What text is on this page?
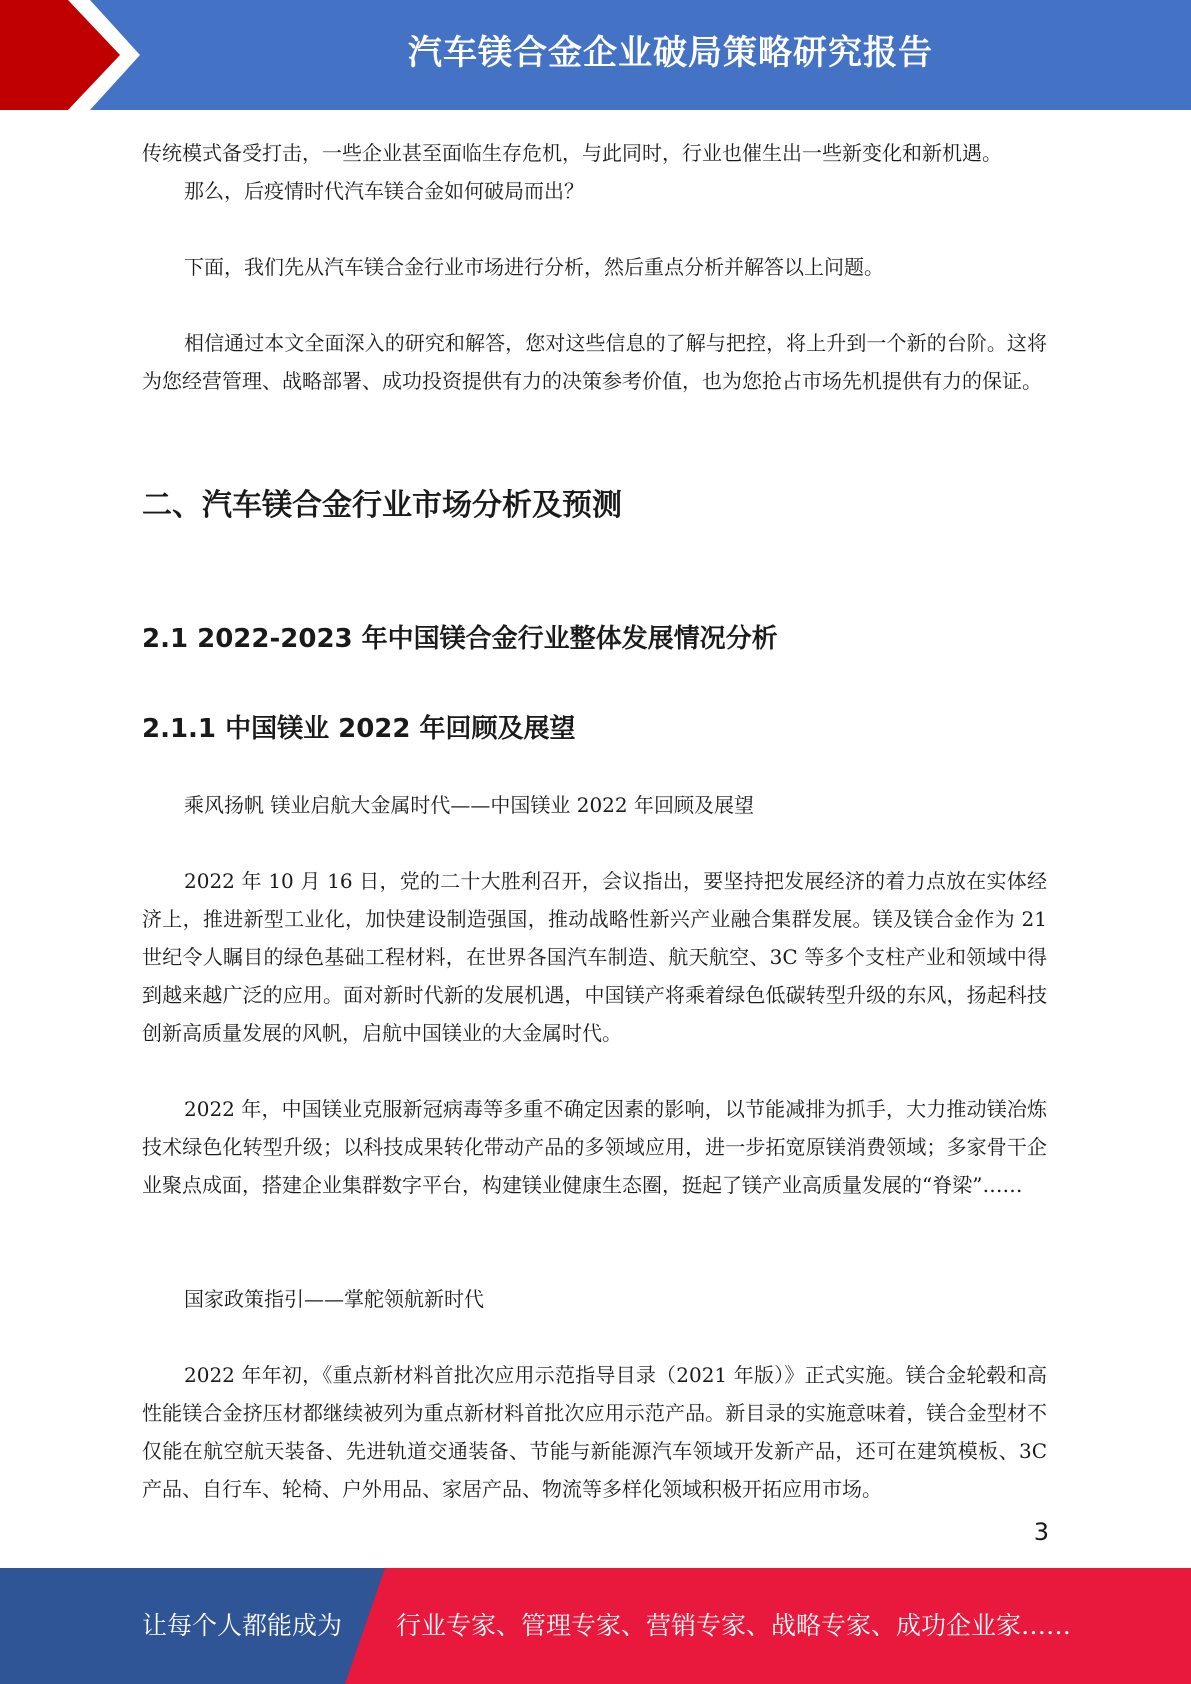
汽车镁合金企业破局策略研究报告

传统模式备受打击，一些企业甚至面临生存危机，与此同时，行业也催生出一些新变化和新机遇。

那么，后疫情时代汽车镁合金如何破局而出？

下面，我们先从汽车镁合金行业市场进行分析，然后重点分析并解答以上问题。

相信通过本文全面深入的研究和解答，您对这些信息的了解与把控，将上升到一个新的台阶。这将为您经营管理、战略部署、成功投资提供有力的决策参考价值，也为您抢占市场先机提供有力的保证。

二、汽车镁合金行业市场分析及预测
2.1 2022-2023 年中国镁合金行业整体发展情况分析
2.1.1 中国镁业 2022 年回顾及展望

乘风扬帆 镁业启航大金属时代——中国镁业 2022 年回顾及展望

2022 年 10 月 16 日，党的二十大胜利召开，会议指出，要坚持把发展经济的着力点放在实体经济上，推进新型工业化，加快建设制造强国，推动战略性新兴产业融合集群发展。镁及镁合金作为 21 世纪令人瞩目的绿色基础工程材料，在世界各国汽车制造、航天航空、3C 等多个支柱产业和领域中得到越来越广泛的应用。面对新时代新的发展机遇，中国镁产将乘着绿色低碳转型升级的东风，扬起科技创新高质量发展的风帆，启航中国镁业的大金属时代。

2022 年，中国镁业克服新冠病毒等多重不确定因素的影响，以节能减排为抓手，大力推动镁冶炼技术绿色化转型升级；以科技成果转化带动产品的多领域应用，进一步拓宽原镁消费领域；多家骨干企业聚点成面，搭建企业集群数字平台，构建镁业健康生态圈，挺起了镁产业高质量发展的“脊梁”……

国家政策指引——掌舵领航新时代

2022 年年初，《重点新材料首批次应用示范指导目录（2021 年版）》正式实施。镁合金轮毂和高性能镁合金挤压材都继续被列为重点新材料首批次应用示范产品。新目录的实施意味着，镁合金型材不仅能在航空航天装备、先进轨道交通装备、节能与新能源汽车领域开发新产品，还可在建筑模板、3C 产品、自行车、轮椅、户外用品、家居产品、物流等多样化领域积极开拓应用市场。

3
让每个人都能成为 行业专家、管理专家、营销专家、战略专家、成功企业家……
